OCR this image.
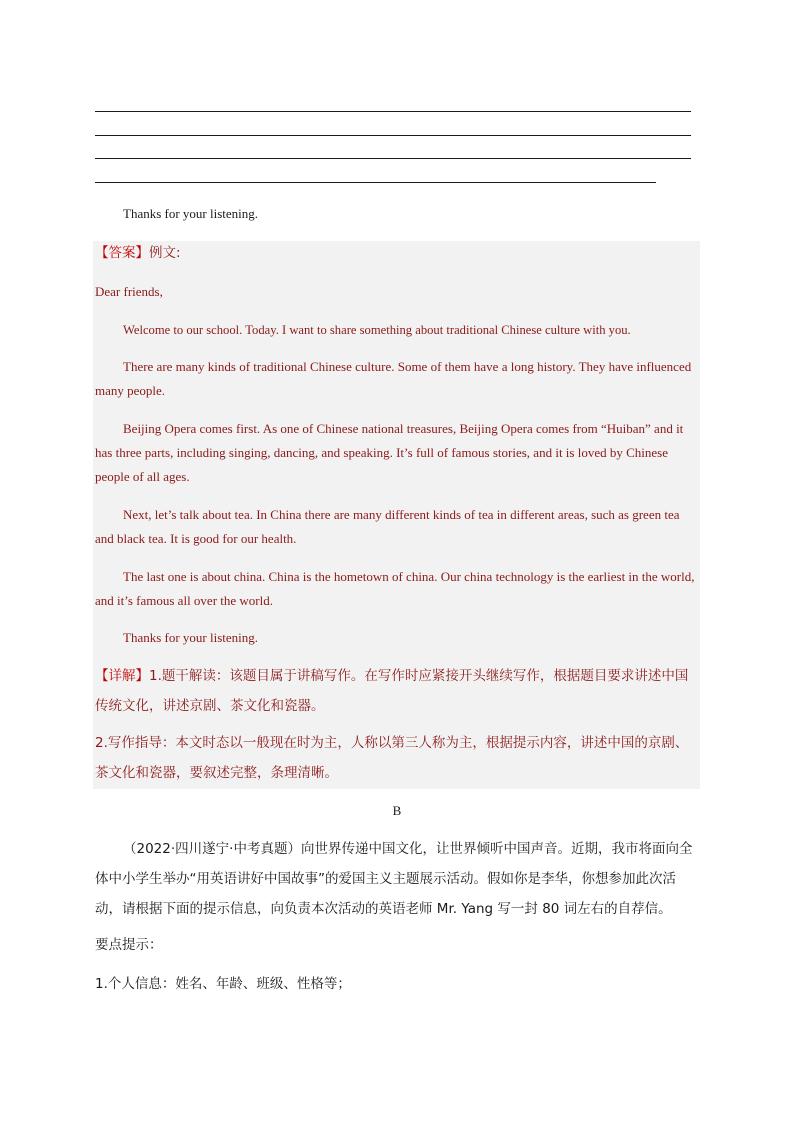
Thanks for your listening.
【答案】例文:
Dear friends,
Welcome to our school. Today. I want to share something about traditional Chinese culture with you.
There are many kinds of traditional Chinese culture. Some of them have a long history. They have influenced many people.
Beijing Opera comes first. As one of Chinese national treasures, Beijing Opera comes from “Huiban” and it has three parts, including singing, dancing, and speaking. It’s full of famous stories, and it is loved by Chinese people of all ages.
Next, let’s talk about tea. In China there are many different kinds of tea in different areas, such as green tea and black tea. It is good for our health.
The last one is about china. China is the hometown of china. Our china technology is the earliest in the world, and it’s famous all over the world.
Thanks for your listening.
【详解】1.题干解读：该题目属于讲稿写作。在写作时应紧接开头继续写作，根据题目要求讲述中国传统文化，讲述京剧、茶文化和瓷器。
2.写作指导：本文时态以一般现在时为主，人称以第三人称为主，根据提示内容，讲述中国的京剧、茶文化和瓷器，要叙述完整，条理清晰。
B
（2022·四川遂宁·中考真题）向世界传递中国文化，让世界倾听中国声音。近期，我市将面向全体中小学生举办“用英语讲好中国故事”的爱国主义主题展示活动。假如你是李华，你想参加此次活动，请根据下面的提示信息，向负责本次活动的英语老师 Mr. Yang 写一封 80 词左右的自荐信。
要点提示：
1.个人信息：姓名、年龄、班级、性格等；
